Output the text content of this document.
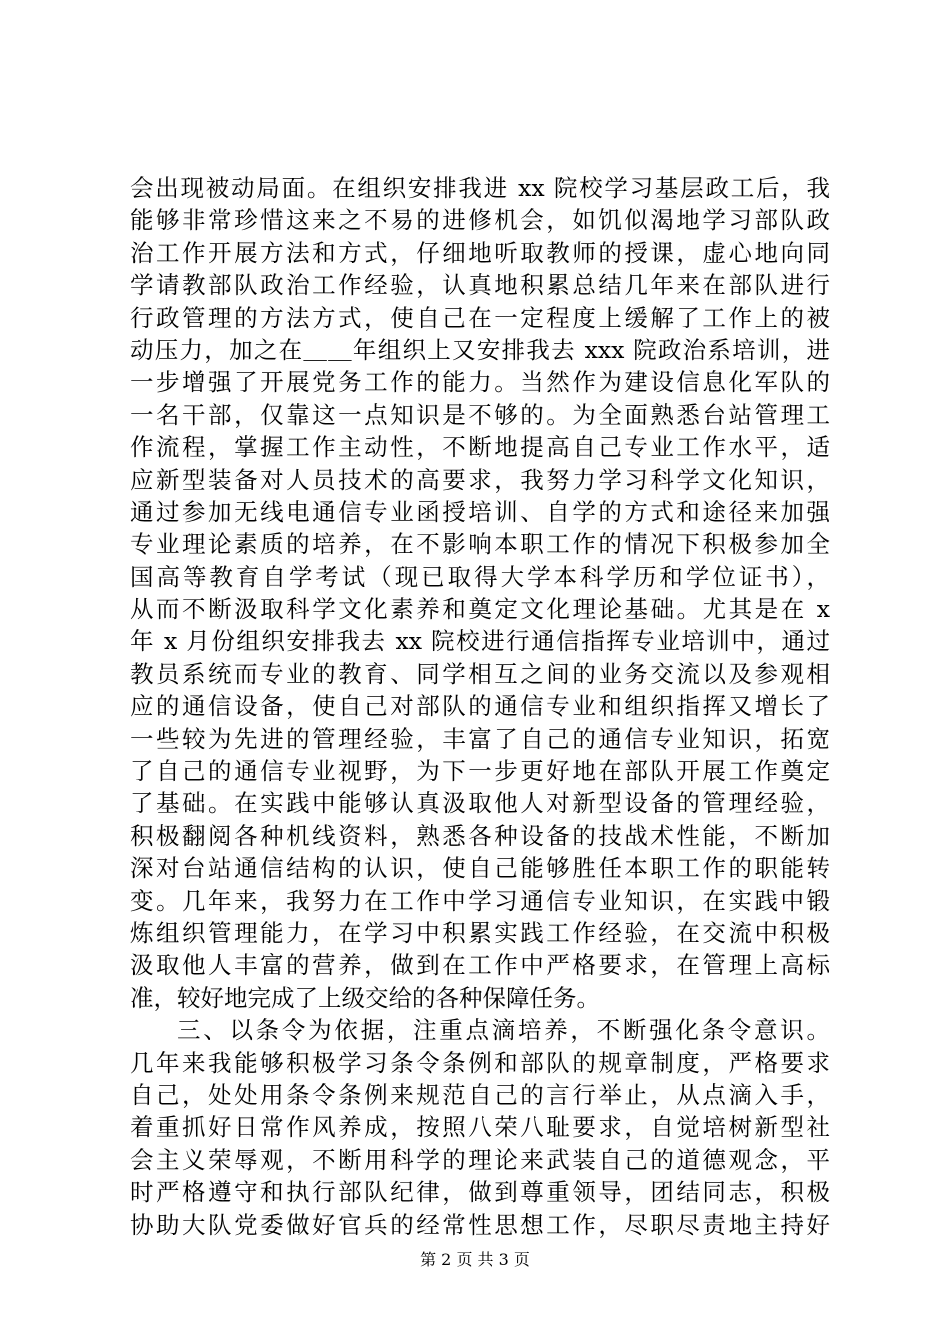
会出现被动局面。在组织安排我进 xx 院校学习基层政工后，我
能够非常珍惜这来之不易的进修机会，如饥似渴地学习部队政
治工作开展方法和方式，仔细地听取教师的授课，虚心地向同
学请教部队政治工作经验，认真地积累总结几年来在部队进行
行政管理的方法方式，使自己在一定程度上缓解了工作上的被
动压力，加之在＿＿年组织上又安排我去 xxx 院政治系培训，进
一步增强了开展党务工作的能力。当然作为建设信息化军队的
一名干部，仅靠这一点知识是不够的。为全面熟悉台站管理工
作流程，掌握工作主动性，不断地提高自己专业工作水平，适
应新型装备对人员技术的高要求，我努力学习科学文化知识，
通过参加无线电通信专业函授培训、自学的方式和途径来加强
专业理论素质的培养，在不影响本职工作的情况下积极参加全
国高等教育自学考试（现已取得大学本科学历和学位证书），
从而不断汲取科学文化素养和奠定文化理论基础。尤其是在 x
年 x 月份组织安排我去 xx 院校进行通信指挥专业培训中，通过
教员系统而专业的教育、同学相互之间的业务交流以及参观相
应的通信设备，使自己对部队的通信专业和组织指挥又增长了
一些较为先进的管理经验，丰富了自己的通信专业知识，拓宽
了自己的通信专业视野，为下一步更好地在部队开展工作奠定
了基础。在实践中能够认真汲取他人对新型设备的管理经验，
积极翻阅各种机线资料，熟悉各种设备的技战术性能，不断加
深对台站通信结构的认识，使自己能够胜任本职工作的职能转
变。几年来，我努力在工作中学习通信专业知识，在实践中锻
炼组织管理能力，在学习中积累实践工作经验，在交流中积极
汲取他人丰富的营养，做到在工作中严格要求，在管理上高标
准，较好地完成了上级交给的各种保障任务。
三、以条令为依据，注重点滴培养，不断强化条令意识。
几年来我能够积极学习条令条例和部队的规章制度，严格要求
自己，处处用条令条例来规范自己的言行举止，从点滴入手，
着重抓好日常作风养成，按照八荣八耻要求，自觉培树新型社
会主义荣辱观，不断用科学的理论来武装自己的道德观念，平
时严格遵守和执行部队纪律，做到尊重领导，团结同志，积极
协助大队党委做好官兵的经常性思想工作，尽职尽责地主持好
第 2 页 共 3 页
